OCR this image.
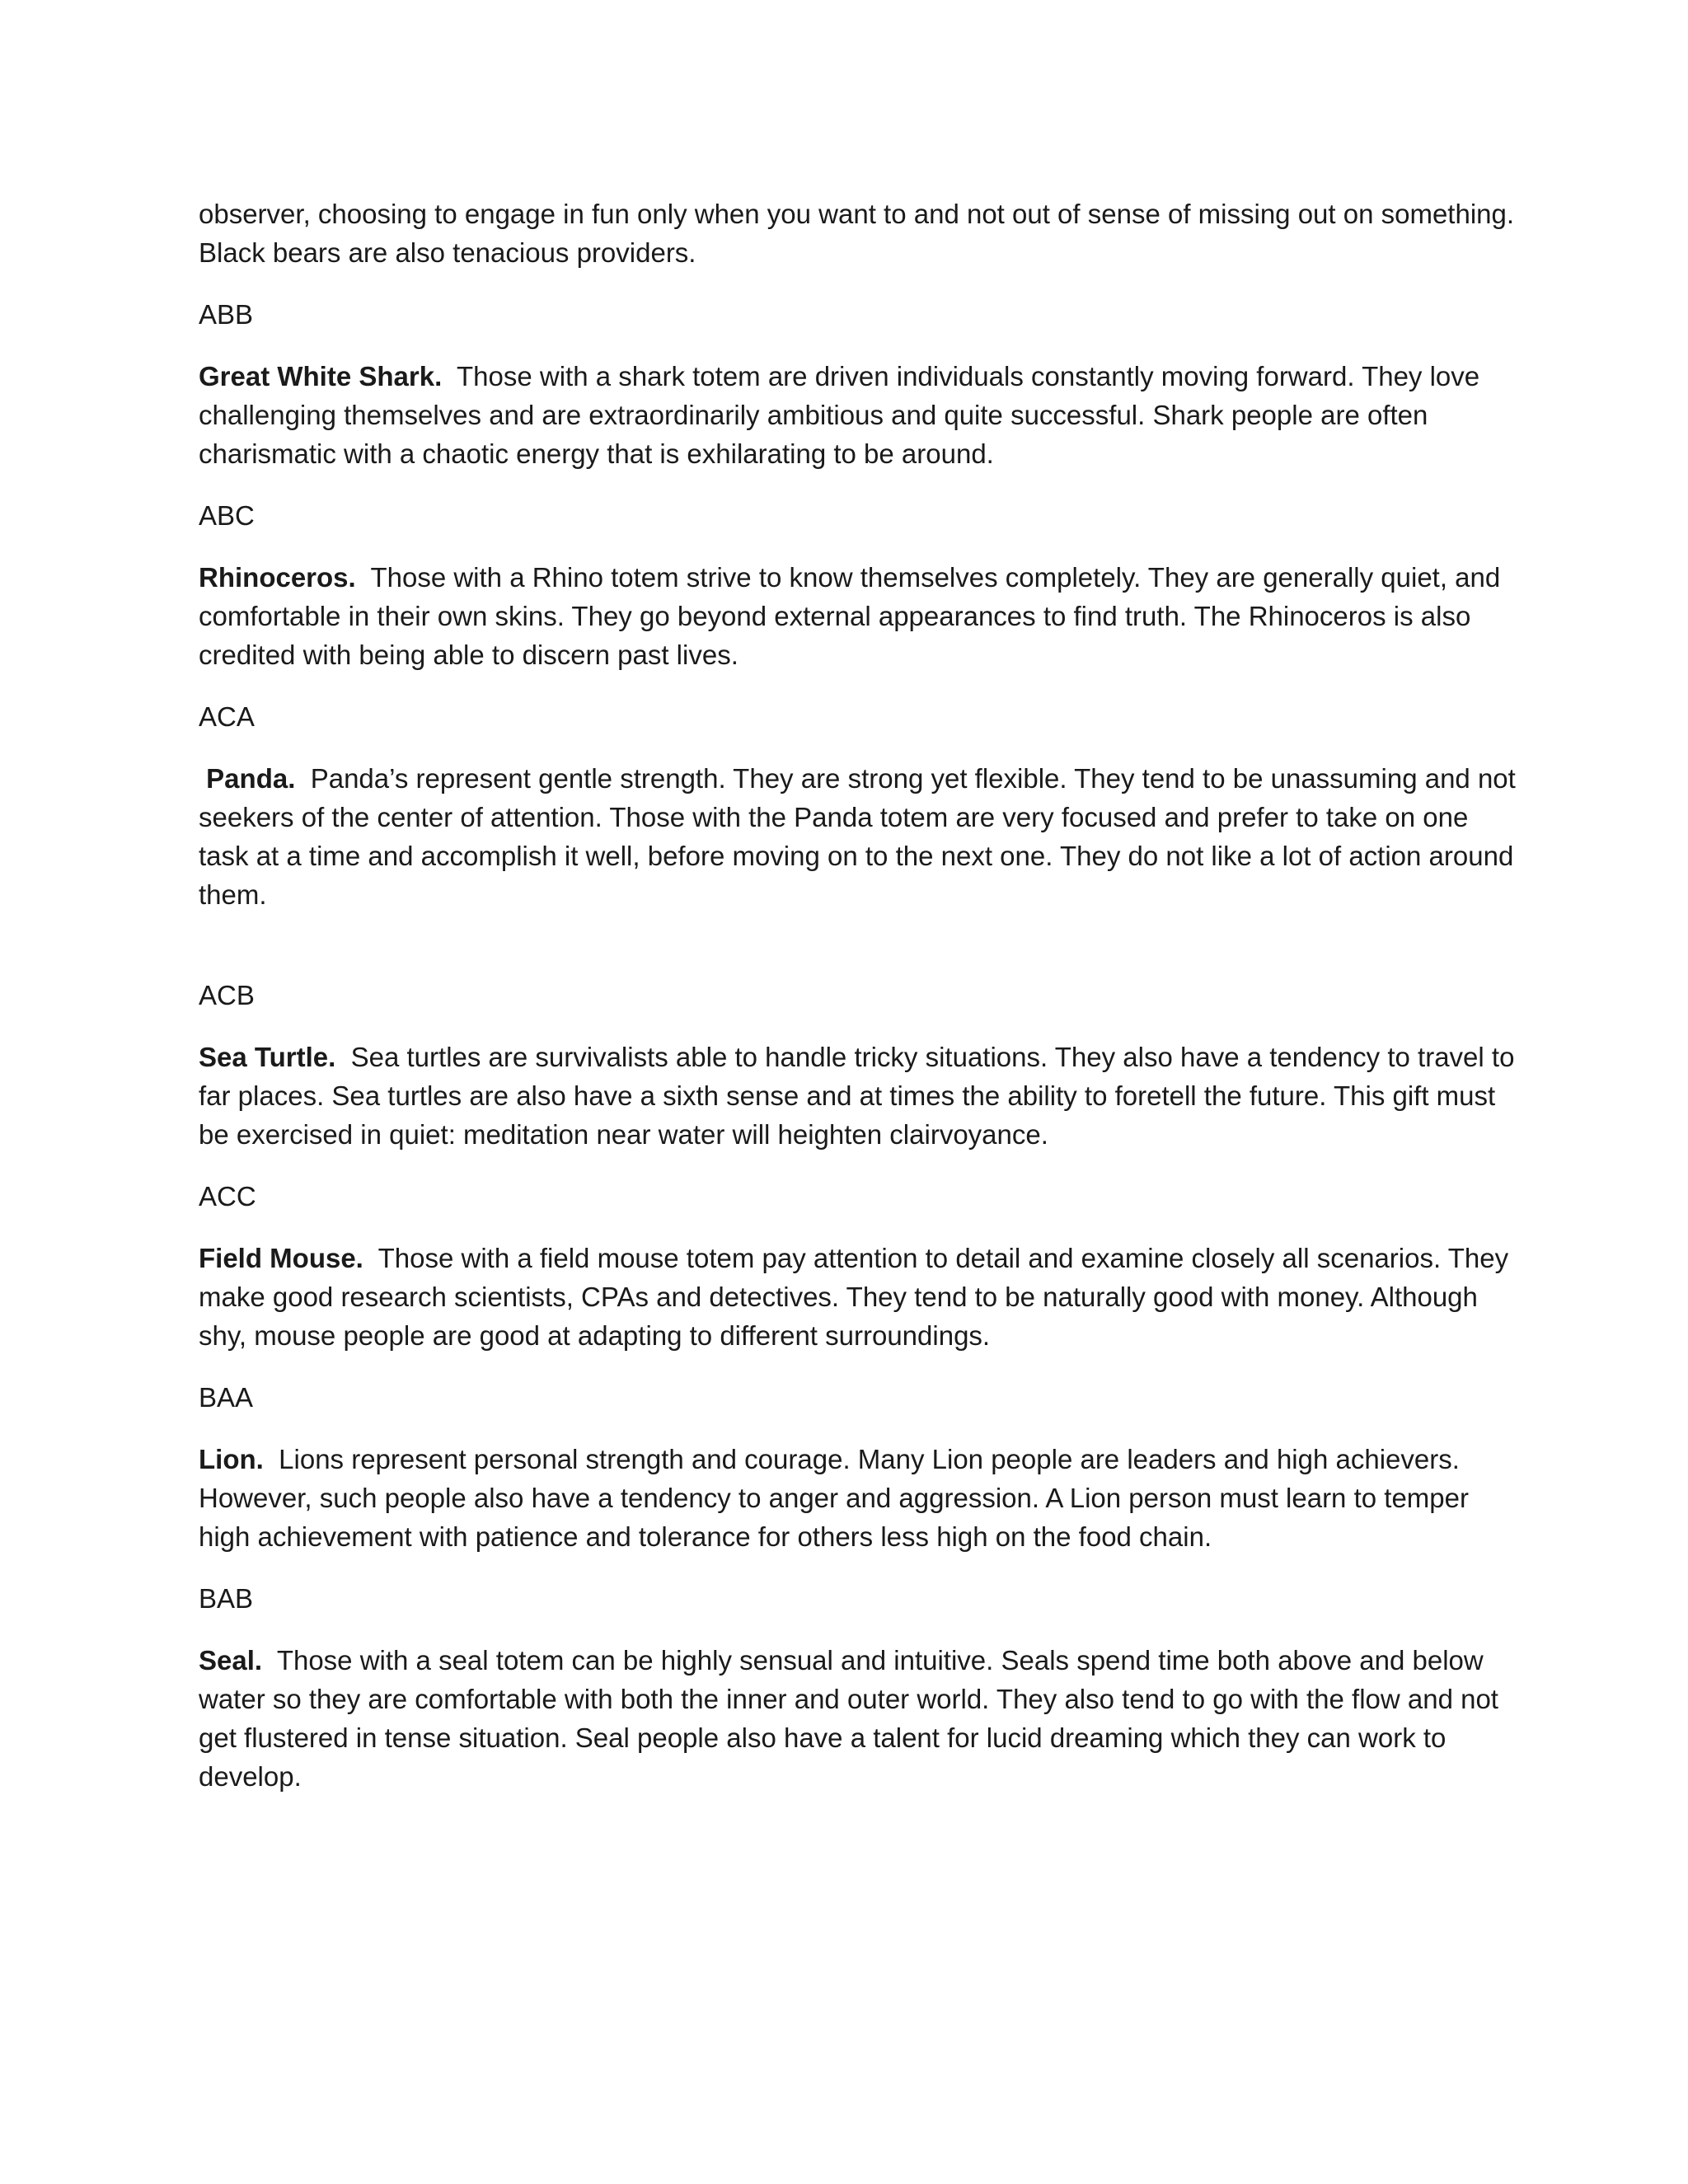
observer, choosing to engage in fun only when you want to and not out of sense of missing out on something. Black bears are also tenacious providers.

ABB

Great White Shark. Those with a shark totem are driven individuals constantly moving forward. They love challenging themselves and are extraordinarily ambitious and quite successful. Shark people are often charismatic with a chaotic energy that is exhilarating to be around.

ABC

Rhinoceros. Those with a Rhino totem strive to know themselves completely. They are generally quiet, and comfortable in their own skins. They go beyond external appearances to find truth. The Rhinoceros is also credited with being able to discern past lives.

ACA

Panda. Panda’s represent gentle strength. They are strong yet flexible. They tend to be unassuming and not seekers of the center of attention. Those with the Panda totem are very focused and prefer to take on one task at a time and accomplish it well, before moving on to the next one. They do not like a lot of action around them.

ACB

Sea Turtle. Sea turtles are survivalists able to handle tricky situations. They also have a tendency to travel to far places. Sea turtles are also have a sixth sense and at times the ability to foretell the future. This gift must be exercised in quiet: meditation near water will heighten clairvoyance.

ACC

Field Mouse. Those with a field mouse totem pay attention to detail and examine closely all scenarios. They make good research scientists, CPAs and detectives. They tend to be naturally good with money. Although shy, mouse people are good at adapting to different surroundings.

BAA

Lion. Lions represent personal strength and courage. Many Lion people are leaders and high achievers. However, such people also have a tendency to anger and aggression. A Lion person must learn to temper high achievement with patience and tolerance for others less high on the food chain.

BAB

Seal. Those with a seal totem can be highly sensual and intuitive. Seals spend time both above and below water so they are comfortable with both the inner and outer world. They also tend to go with the flow and not get flustered in tense situation. Seal people also have a talent for lucid dreaming which they can work to develop.
